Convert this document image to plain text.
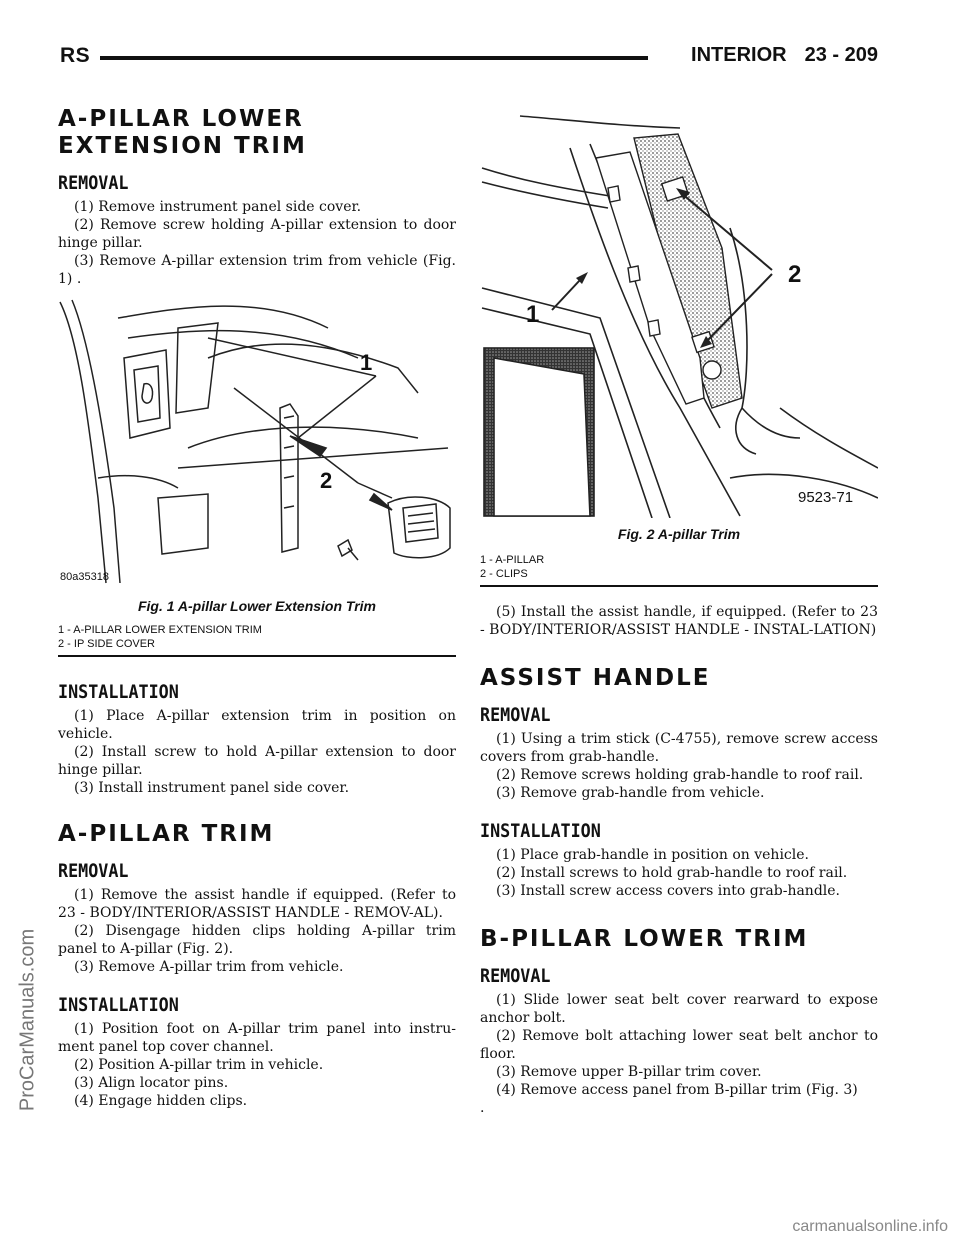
RS	INTERIOR 23 - 209
A-PILLAR LOWER EXTENSION TRIM
REMOVAL

(1) Remove instrument panel side cover.

(2) Remove screw holding A-pillar extension to door hinge pillar.

(3) Remove A-pillar extension trim from vehicle (Fig. 1) .

1
2
80a35318
Fig. 1 A-pillar Lower Extension Trim
1 - A-PILLAR LOWER EXTENSION TRIM
2 - IP SIDE COVER
INSTALLATION

(1) Place A-pillar extension trim in position on vehicle.

(2) Install screw to hold A-pillar extension to door hinge pillar.

(3) Install instrument panel side cover.

A-PILLAR TRIM
REMOVAL

(1) Remove the assist handle if equipped. (Refer to 23 - BODY/INTERIOR/ASSIST HANDLE - REMOV-AL).

(2) Disengage hidden clips holding A-pillar trim panel to A-pillar (Fig. 2).

(3) Remove A-pillar trim from vehicle.

INSTALLATION

(1) Position foot on A-pillar trim panel into instru-ment panel top cover channel.

(2) Position A-pillar trim in vehicle.

(3) Align locator pins.

(4) Engage hidden clips.

1
2
9523-71
Fig. 2 A-pillar Trim
1 - A-PILLAR
2 - CLIPS

(5) Install the assist handle, if equipped. (Refer to 23 - BODY/INTERIOR/ASSIST HANDLE - INSTAL-LATION)

ASSIST HANDLE
REMOVAL

(1) Using a trim stick (C-4755), remove screw access covers from grab-handle.

(2) Remove screws holding grab-handle to roof rail.

(3) Remove grab-handle from vehicle.

INSTALLATION

(1) Place grab-handle in position on vehicle.

(2) Install screws to hold grab-handle to roof rail.

(3) Install screw access covers into grab-handle.

B-PILLAR LOWER TRIM
REMOVAL

(1) Slide lower seat belt cover rearward to expose anchor bolt.

(2) Remove bolt attaching lower seat belt anchor to floor.

(3) Remove upper B-pillar trim cover.

(4) Remove access panel from B-pillar trim (Fig. 3)

.

ProCarManuals.com
carmanualsonline.info
